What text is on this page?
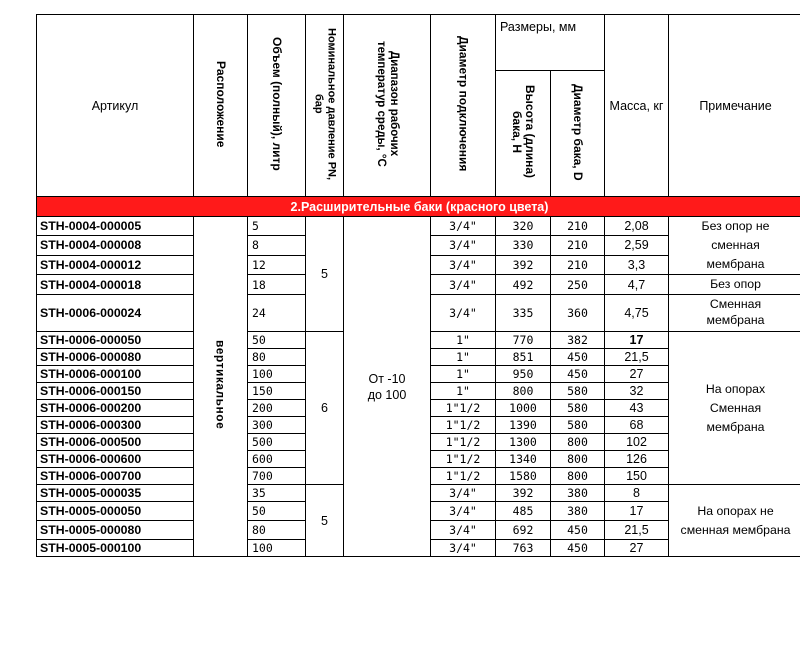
Артикул	Расположение	Объем (полный), литр	Номинальное давление PN, бар	Диапазон рабочих температур среды, °С	Диаметр подключения	Размеры, мм		Масса, кг	Примечание
						Высота (длина) бака, H	Диаметр бака, D		
2.Расширительные баки (красного цвета)									
STH-0004-000005	вертикальное	5	5	От -10 до 100	3/4"	320	210	2,08	Без опор не сменная мембрана
STH-0004-000008		8			3/4"	330	210	2,59	
STH-0004-000012		12			3/4"	392	210	3,3	
STH-0004-000018		18			3/4"	492	250	4,7	Без опор
STH-0006-000024		24			3/4"	335	360	4,75	Сменная мембрана
STH-0006-000050		50	6		1"	770	382	17	На опорах Сменная мембрана
STH-0006-000080		80			1"	851	450	21,5	
STH-0006-000100		100			1"	950	450	27	
STH-0006-000150		150			1"	800	580	32	
STH-0006-000200		200			1"1/2	1000	580	43	
STH-0006-000300		300			1"1/2	1390	580	68	
STH-0006-000500		500			1"1/2	1300	800	102	
STH-0006-000600		600			1"1/2	1340	800	126	
STH-0006-000700		700			1"1/2	1580	800	150	
STH-0005-000035		35	5		3/4"	392	380	8	На опорах не сменная мембрана
STH-0005-000050		50			3/4"	485	380	17	
STH-0005-000080		80			3/4"	692	450	21,5	
STH-0005-000100		100			3/4"	763	450	27	
